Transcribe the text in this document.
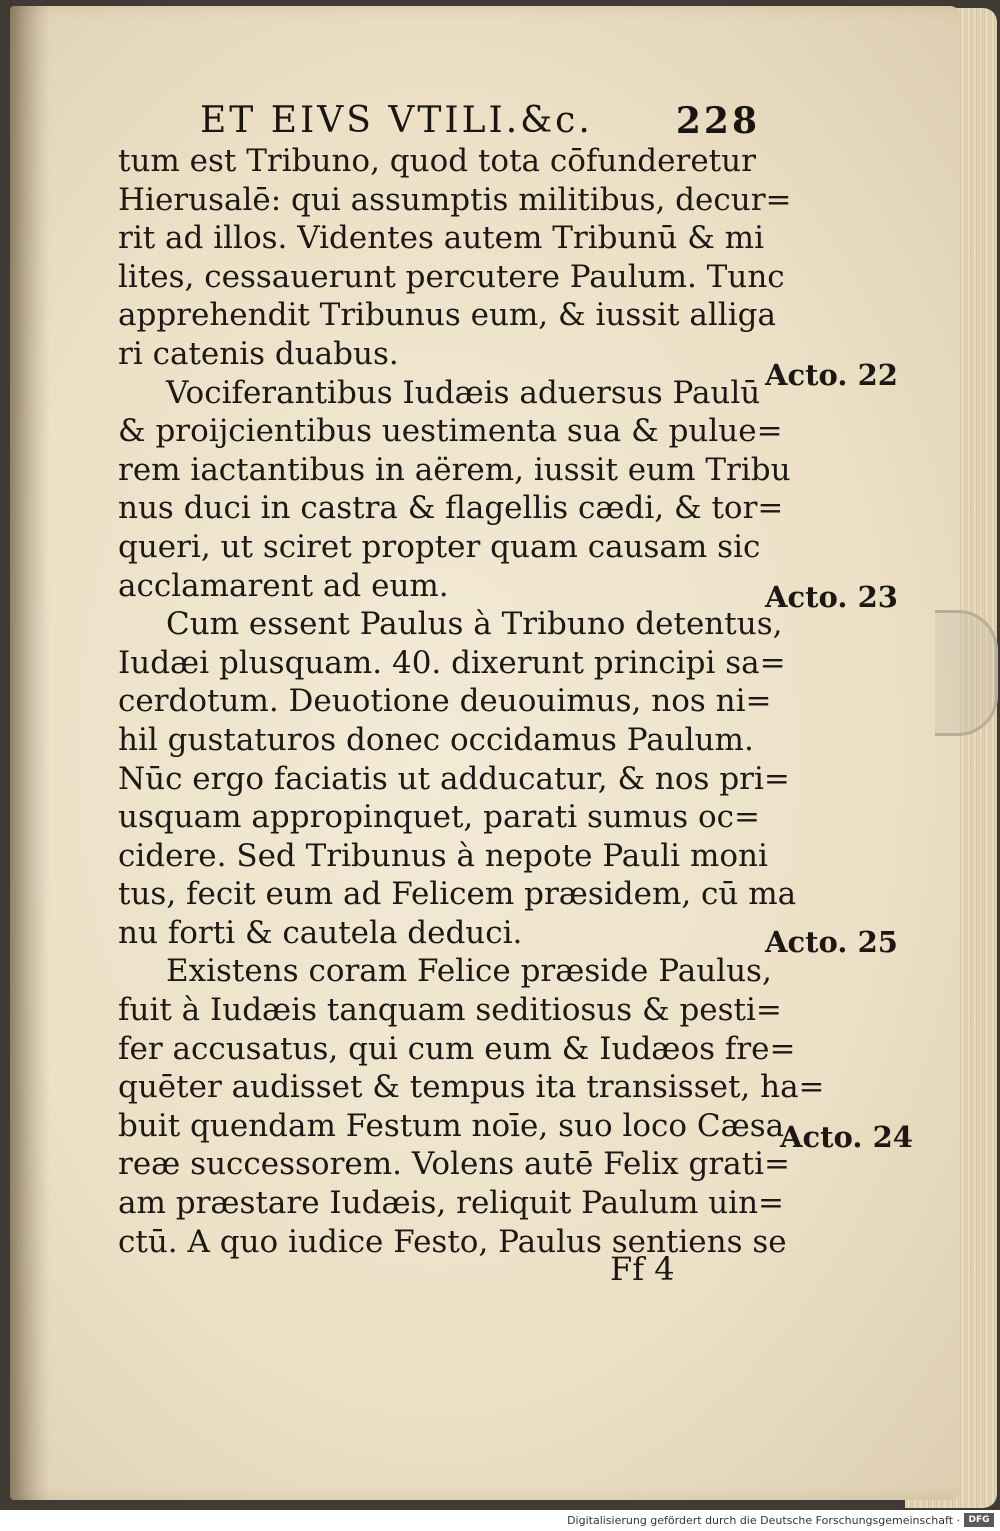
ET EIVS VTILI.&c. 228
tum est Tribuno, quod tota cōfunderetur
Hierusalē: qui assumptis militibus, decur=
rit ad illos. Videntes autem Tribunū & mi
lites, cessauerunt percutere Paulum. Tunc
apprehendit Tribunus eum, & iussit alliga
ri catenis duabus.
Vociferantibus Iudæis aduersus Paulū
& proijcientibus uestimenta sua & pulue=
rem iactantibus in aërem, iussit eum Tribu
nus duci in castra & flagellis cædi, & tor=
queri, ut sciret propter quam causam sic
acclamarent ad eum.
Cum essent Paulus à Tribuno detentus,
Iudæi plusquam. 40. dixerunt principi sa=
cerdotum. Deuotione deuouimus, nos ni=
hil gustaturos donec occidamus Paulum.
Nūc ergo faciatis ut adducatur, & nos pri=
usquam appropinquet, parati sumus oc=
cidere. Sed Tribunus à nepote Pauli moni
tus, fecit eum ad Felicem præsidem, cū ma
nu forti & cautela deduci.
Existens coram Felice præside Paulus,
fuit à Iudæis tanquam seditiosus & pesti=
fer accusatus, qui cum eum & Iudæos fre=
quēter audisset & tempus ita transisset, ha=
buit quendam Festum noīe, suo loco Cæsa
reæ successorem. Volens autē Felix grati=
am præstare Iudæis, reliquit Paulum uin=
ctū. A quo iudice Festo, Paulus sentiens se
Acto. 22
Acto. 23
Acto. 25
Acto. 24
Ff 4
Digitalisierung gefördert durch die Deutsche Forschungsgemeinschaft · DFG
